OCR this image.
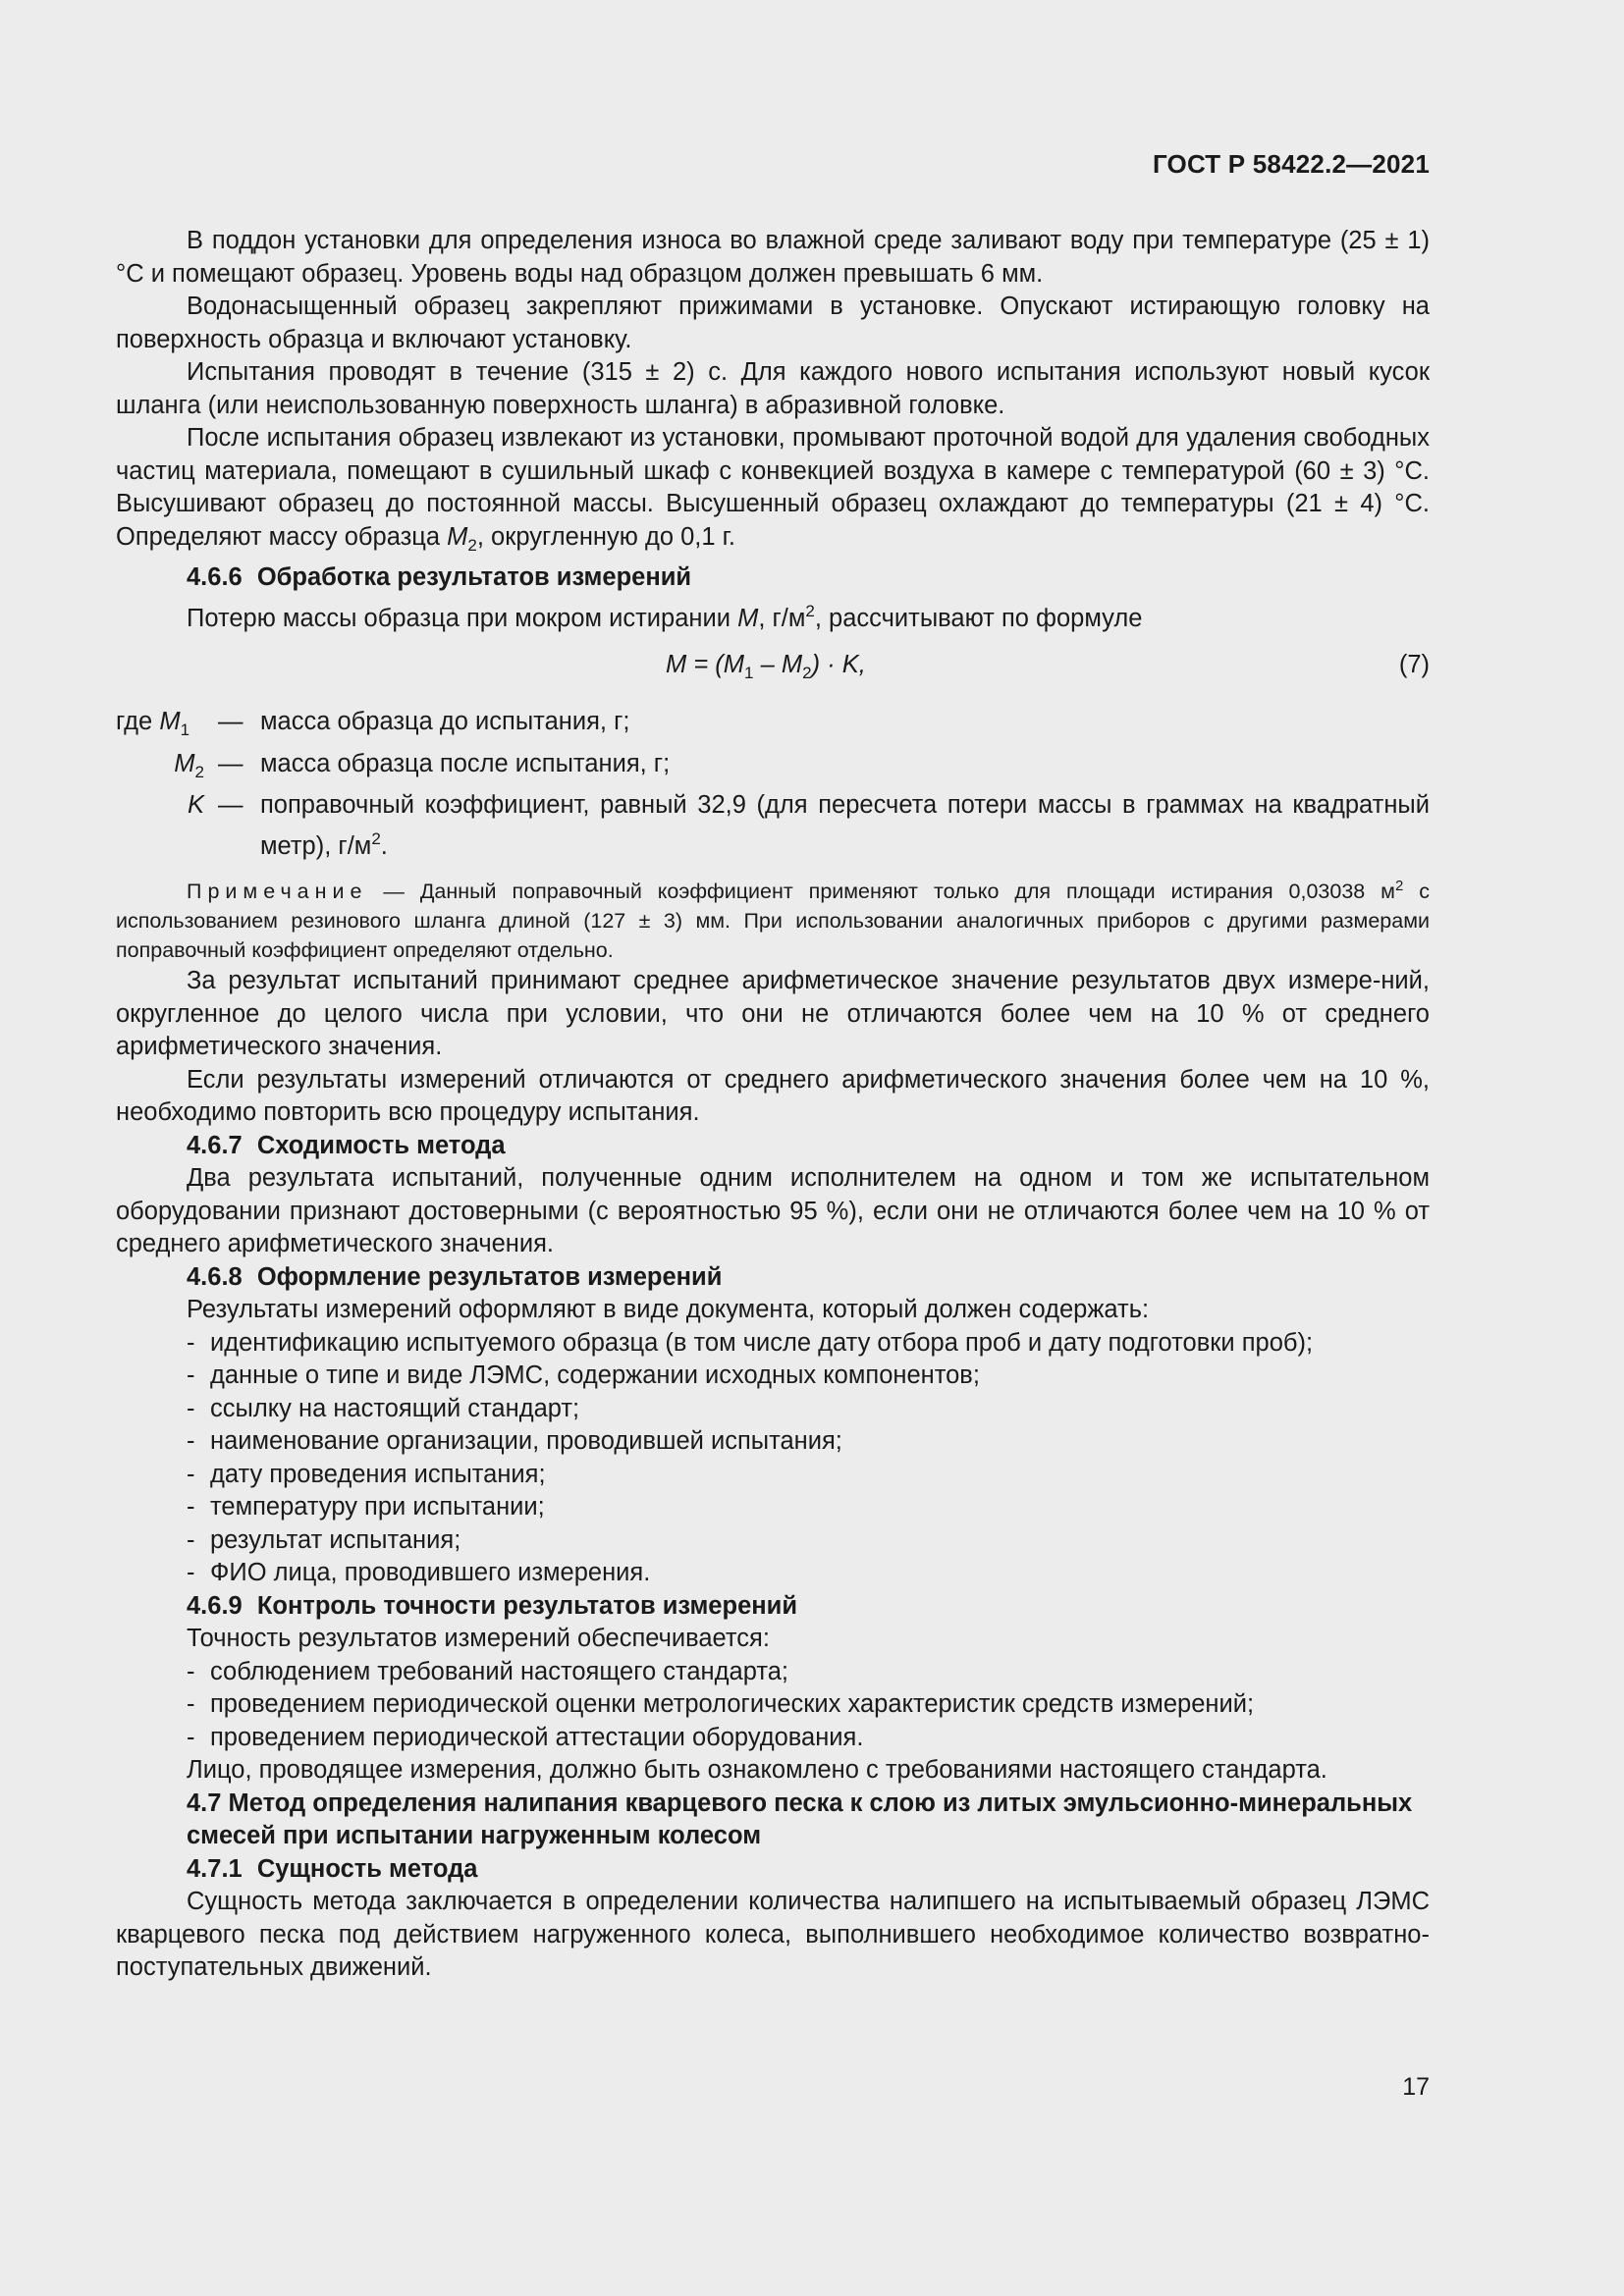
ГОСТ Р 58422.2—2021

В поддон установки для определения износа во влажной среде заливают воду при температуре (25 ± 1) °С и помещают образец. Уровень воды над образцом должен превышать 6 мм.

Водонасыщенный образец закрепляют прижимами в установке. Опускают истирающую головку на поверхность образца и включают установку.

Испытания проводят в течение (315 ± 2) с. Для каждого нового испытания используют новый кусок шланга (или неиспользованную поверхность шланга) в абразивной головке.

После испытания образец извлекают из установки, промывают проточной водой для удаления свободных частиц материала, помещают в сушильный шкаф с конвекцией воздуха в камере с температурой (60 ± 3) °С. Высушивают образец до постоянной массы. Высушенный образец охлаждают до температуры (21 ± 4) °С. Определяют массу образца $M_2$, округленную до 0,1 г.

4.6.6 Обработка результатов измерений

Потерю массы образца при мокром истирании M, $г/м^2$, рассчитывают по формуле

$M = (M_1 - M_2) \cdot K$,	(7)
где $M_1$	— масса образца до испытания, г;
$M_2$ — масса образца после испытания, г;
K — поправочный коэффициент, равный 32,9 (для пересчета потери массы в граммах на квадратный метр), $г/м^2$.

Примечание — Данный поправочный коэффициент применяют только для площади истирания 0,03038 $м^2$ с использованием резинового шланга длиной (127 ± 3) мм. При использовании аналогичных приборов с другими размерами поправочный коэффициент определяют отдельно.

За результат испытаний принимают среднее арифметическое значение результатов двух измере-ний, округленное до целого числа при условии, что они не отличаются более чем на 10 % от среднего арифметического значения.

Если результаты измерений отличаются от среднего арифметического значения более чем на 10 %, необходимо повторить всю процедуру испытания.

4.6.7 Сходимость метода

Два результата испытаний, полученные одним исполнителем на одном и том же испытательном оборудовании признают достоверными (с вероятностью 95 %), если они не отличаются более чем на 10 % от среднего арифметического значения.

4.6.8 Оформление результатов измерений

Результаты измерений оформляют в виде документа, который должен содержать:

- идентификацию испытуемого образца (в том числе дату отбора проб и дату подготовки проб);

- данные о типе и виде ЛЭМС, содержании исходных компонентов;

- ссылку на настоящий стандарт;

- наименование организации, проводившей испытания;

- дату проведения испытания;

- температуру при испытании;

- результат испытания;

- ФИО лица, проводившего измерения.

4.6.9 Контроль точности результатов измерений

Точность результатов измерений обеспечивается:

- соблюдением требований настоящего стандарта;

- проведением периодической оценки метрологических характеристик средств измерений;

- проведением периодической аттестации оборудования.

Лицо, проводящее измерения, должно быть ознакомлено с требованиями настоящего стандарта.

4.7 Метод определения налипания кварцевого песка к слою из литых эмульсионно-минеральных смесей при испытании нагруженным колесом

4.7.1 Сущность метода

Сущность метода заключается в определении количества налипшего на испытываемый образец ЛЭМС кварцевого песка под действием нагруженного колеса, выполнившего необходимое количество возвратно-поступательных движений.

17
